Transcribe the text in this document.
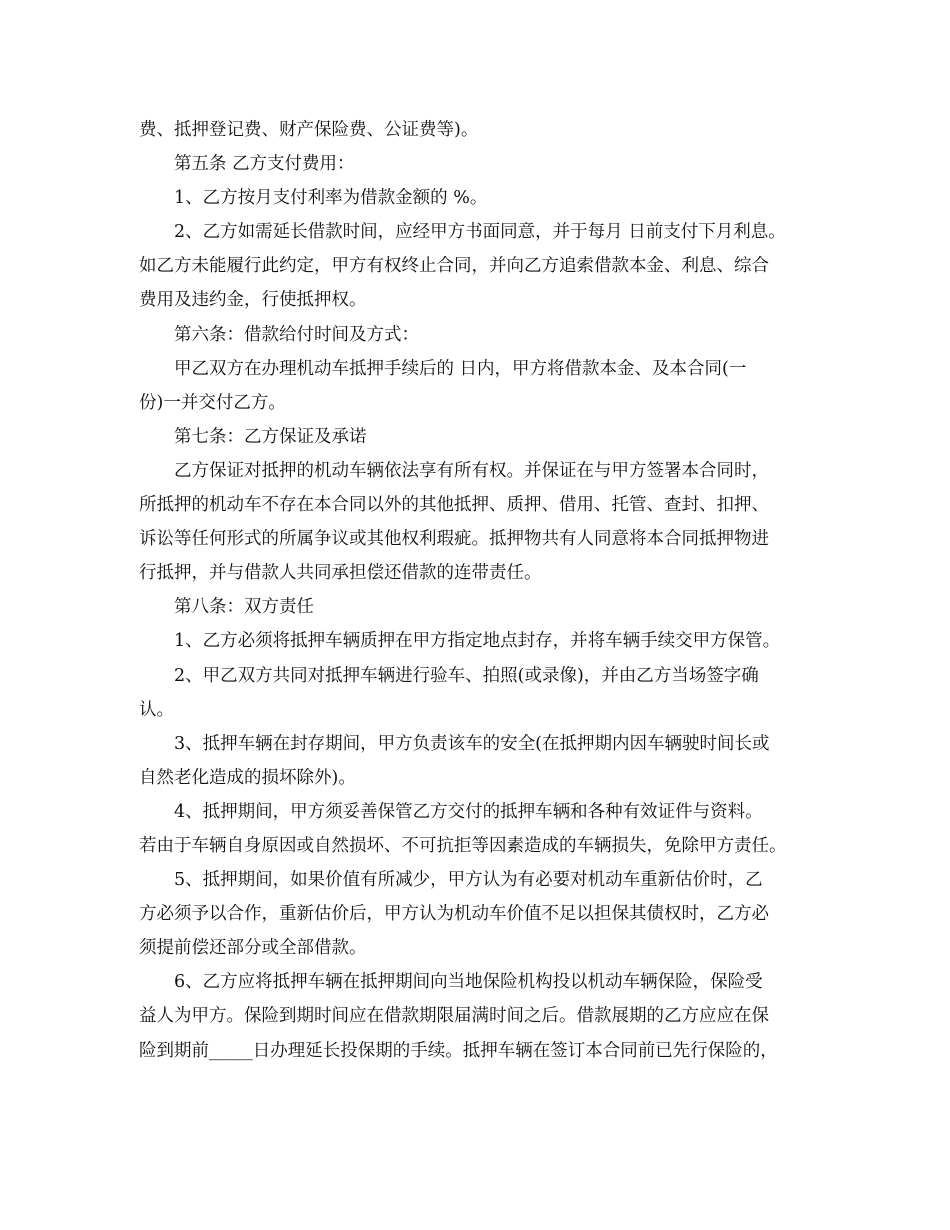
费、抵押登记费、财产保险费、公证费等)。
第五条 乙方支付费用：
1、乙方按月支付利率为借款金额的 %。
2、乙方如需延长借款时间，应经甲方书面同意，并于每月 日前支付下月利息。
如乙方未能履行此约定，甲方有权终止合同，并向乙方追索借款本金、利息、综合
费用及违约金，行使抵押权。
第六条：借款给付时间及方式：
甲乙双方在办理机动车抵押手续后的 日内，甲方将借款本金、及本合同(一
份)一并交付乙方。
第七条：乙方保证及承诺
乙方保证对抵押的机动车辆依法享有所有权。并保证在与甲方签署本合同时，
所抵押的机动车不存在本合同以外的其他抵押、质押、借用、托管、查封、扣押、
诉讼等任何形式的所属争议或其他权利瑕疵。抵押物共有人同意将本合同抵押物进
行抵押，并与借款人共同承担偿还借款的连带责任。
第八条：双方责任
1、乙方必须将抵押车辆质押在甲方指定地点封存，并将车辆手续交甲方保管。
2、甲乙双方共同对抵押车辆进行验车、拍照(或录像)，并由乙方当场签字确
认。
3、抵押车辆在封存期间，甲方负责该车的安全(在抵押期内因车辆驶时间长或
自然老化造成的损坏除外)。
4、抵押期间，甲方须妥善保管乙方交付的抵押车辆和各种有效证件与资料。
若由于车辆自身原因或自然损坏、不可抗拒等因素造成的车辆损失，免除甲方责任。
5、抵押期间，如果价值有所减少，甲方认为有必要对机动车重新估价时，乙
方必须予以合作，重新估价后，甲方认为机动车价值不足以担保其债权时，乙方必
须提前偿还部分或全部借款。
6、乙方应将抵押车辆在抵押期间向当地保险机构投以机动车辆保险，保险受
益人为甲方。保险到期时间应在借款期限届满时间之后。借款展期的乙方应应在保
险到期前_____日办理延长投保期的手续。抵押车辆在签订本合同前已先行保险的，
